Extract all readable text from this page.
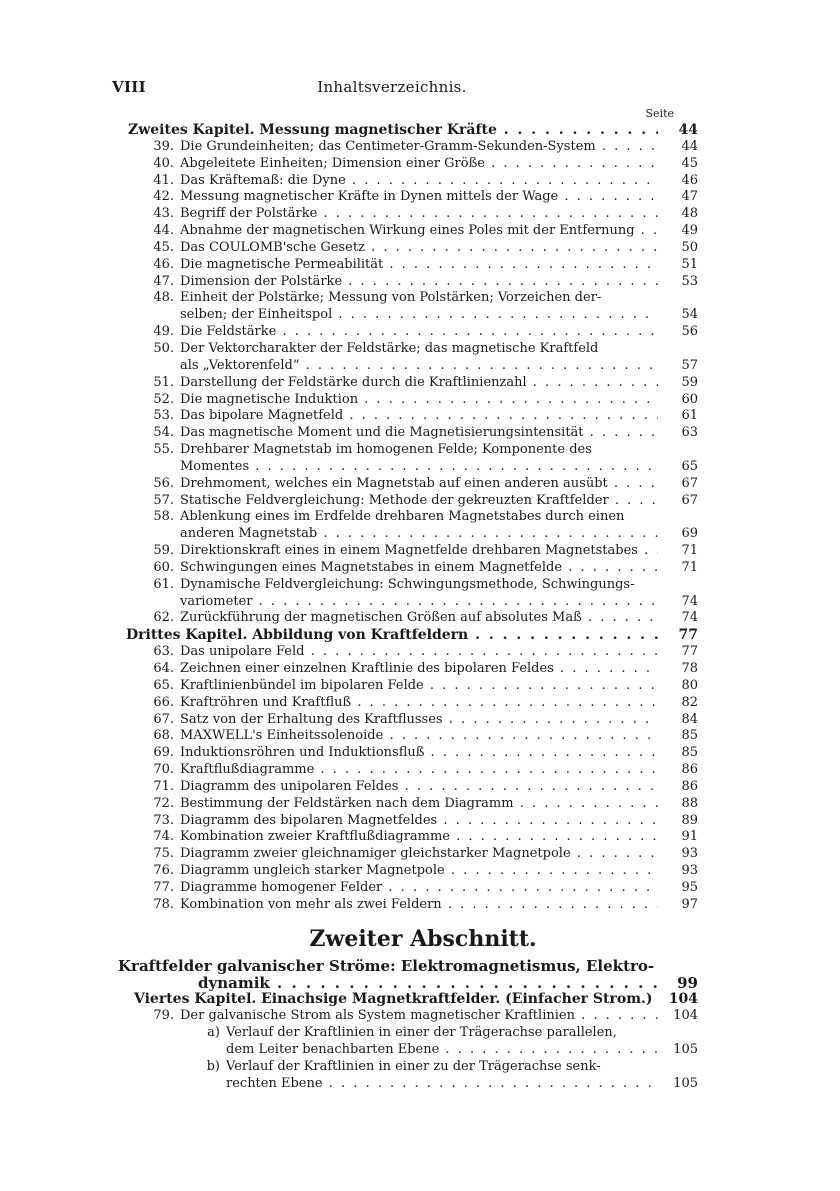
VIII	Inhaltsverzeichnis.
Seite
Zweites Kapitel. Messung magnetischer Kräfte . . .	44
39. Die Grundeinheiten; das Centimeter-Gramm-Sekunden-System . . .	44
40. Abgeleitete Einheiten; Dimension einer Größe . . .	45
41. Das Kräftemaß: die Dyne . . .	46
42. Messung magnetischer Kräfte in Dynen mittels der Wage . . .	47
43. Begriff der Polstärke . . .	48
44. Abnahme der magnetischen Wirkung eines Poles mit der Entfernung . . .	49
45. Das COULOMB'sche Gesetz . . .	50
46. Die magnetische Permeabilität . . .	51
47. Dimension der Polstärke . . .	53
48. Einheit der Polstärke; Messung von Polstärken; Vorzeichen der-
selben; der Einheitspol . . .	54
49. Die Feldstärke . . .	56
50. Der Vektorcharakter der Feldstärke; das magnetische Kraftfeld
als „Vektorenfeld“ . . .	57
51. Darstellung der Feldstärke durch die Kraftlinienzahl . . .	59
52. Die magnetische Induktion . . .	60
53. Das bipolare Magnetfeld . . .	61
54. Das magnetische Moment und die Magnetisierungsintensität . . .	63
55. Drehbarer Magnetstab im homogenen Felde; Komponente des
Momentes . . .	65
56. Drehmoment, welches ein Magnetstab auf einen anderen ausübt . . .	67
57. Statische Feldvergleichung: Methode der gekreuzten Kraftfelder . . .	67
58. Ablenkung eines im Erdfelde drehbaren Magnetstabes durch einen
anderen Magnetstab . . .	69
59. Direktionskraft eines in einem Magnetfelde drehbaren Magnetstabes . . .	71
60. Schwingungen eines Magnetstabes in einem Magnetfelde . . .	71
61. Dynamische Feldvergleichung: Schwingungsmethode, Schwingungs-
variometer . . .	74
62. Zurückführung der magnetischen Größen auf absolutes Maß . . .	74
Drittes Kapitel. Abbildung von Kraftfeldern . . .	77
63. Das unipolare Feld . . .	77
64. Zeichnen einer einzelnen Kraftlinie des bipolaren Feldes . . .	78
65. Kraftlinienbündel im bipolaren Felde . . .	80
66. Kraftröhren und Kraftfluß . . .	82
67. Satz von der Erhaltung des Kraftflusses . . .	84
68. MAXWELL's Einheitssolenoide . . .	85
69. Induktionsröhren und Induktionsfluß . . .	85
70. Kraftflußdiagramme . . .	86
71. Diagramm des unipolaren Feldes . . .	86
72. Bestimmung der Feldstärken nach dem Diagramm . . .	88
73. Diagramm des bipolaren Magnetfeldes . . .	89
74. Kombination zweier Kraftflußdiagramme . . .	91
75. Diagramm zweier gleichnamiger gleichstarker Magnetpole . . .	93
76. Diagramm ungleich starker Magnetpole . . .	93
77. Diagramme homogener Felder . . .	95
78. Kombination von mehr als zwei Feldern . . .	97
Zweiter Abschnitt.
Kraftfelder galvanischer Ströme: Elektromagnetismus, Elektro-
dynamik . . .	99
Viertes Kapitel. Einachsige Magnetkraftfelder. (Einfacher Strom.)	104
79. Der galvanische Strom als System magnetischer Kraftlinien . . .	104
a) Verlauf der Kraftlinien in einer der Trägerachse parallelen,
dem Leiter benachbarten Ebene . . .	105
b) Verlauf der Kraftlinien in einer zu der Trägerachse senk-
rechten Ebene . . .	105
